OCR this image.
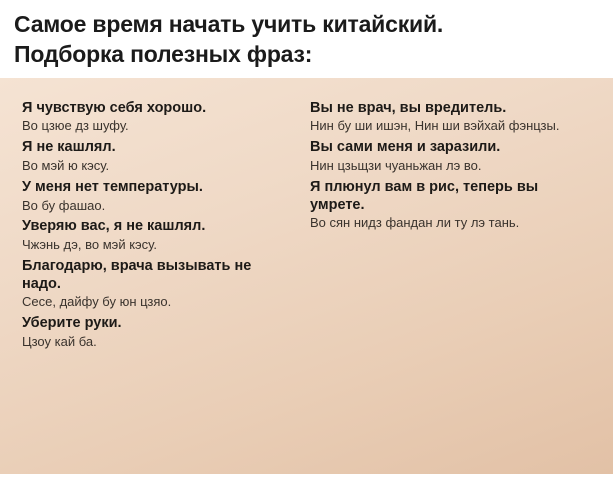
Самое время начать учить китайский.
Подборка полезных фраз:
Я чувствую себя хорошо.
Во цзюе дз шуфу.
Я не кашлял.
Во мэй ю кэсу.
У меня нет температуры.
Во бу фашао.
Уверяю вас, я не кашлял.
Чжэнь дэ, во мэй кэсу.
Благодарю, врача вызывать не надо.
Сесе, дайфу бу юн цзяо.
Уберите руки.
Цзоу кай ба.
Вы не врач, вы вредитель.
Нин бу ши ишэн, Нин ши вэйхай фэнцзы.
Вы сами меня и заразили.
Нин цзьщзи чуаньжан лэ во.
Я плюнул вам в рис, теперь вы умрете.
Во сян нидз фандан ли ту лэ тань.
